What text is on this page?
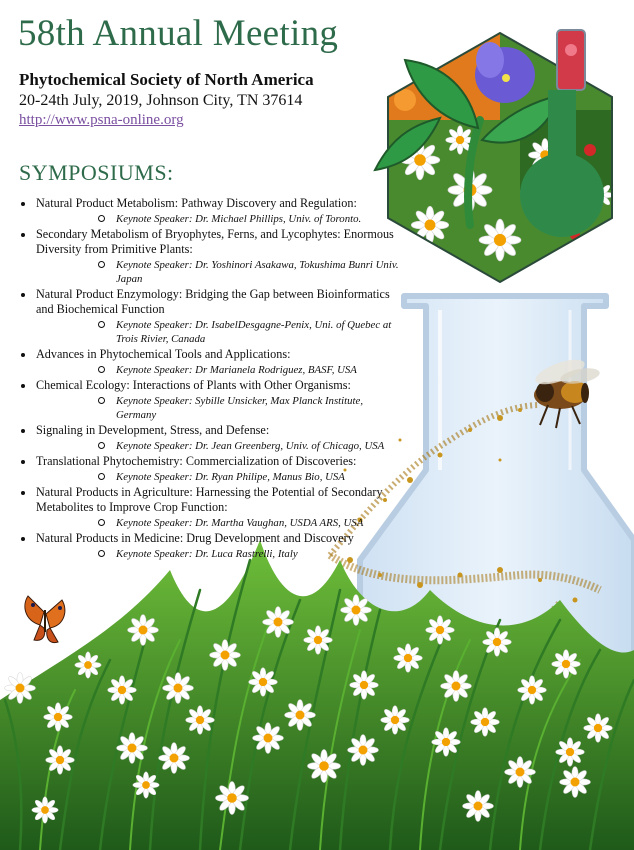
58th Annual Meeting
Phytochemical Society of North America
20-24th July, 2019, Johnson City, TN 37614
http://www.psna-online.org
SYMPOSIUMS:
Natural Product Metabolism: Pathway Discovery and Regulation:
Keynote Speaker: Dr. Michael Phillips, Univ. of Toronto.
Secondary Metabolism of Bryophytes, Ferns, and Lycophytes: Enormous Diversity from Primitive Plants:
Keynote Speaker: Dr. Yoshinori Asakawa, Tokushima Bunri Univ. Japan
Natural Product Enzymology: Bridging the Gap between Bioinformatics and Biochemical Function
Keynote Speaker: Dr. IsabelDesgagne-Penix, Uni. of Quebec at Trois Rivier, Canada
Advances in Phytochemical Tools and Applications:
Keynote Speaker: Dr Marianela Rodriguez, BASF, USA
Chemical Ecology: Interactions of Plants with Other Organisms:
Keynote Speaker: Sybille Unsicker, Max Planck Institute, Germany
Signaling in Development, Stress, and Defense:
Keynote Speaker: Dr. Jean Greenberg, Univ. of Chicago, USA
Translational Phytochemistry: Commercialization of Discoveries:
Keynote Speaker: Dr. Ryan Philipe, Manus Bio, USA
Natural Products in Agriculture: Harnessing the Potential of Secondary Metabolites to Improve Crop Function:
Keynote Speaker: Dr. Martha Vaughan, USDA ARS, USA
Natural Products in Medicine: Drug Development and Discovery
Keynote Speaker: Dr. Luca Rastrelli, Italy
